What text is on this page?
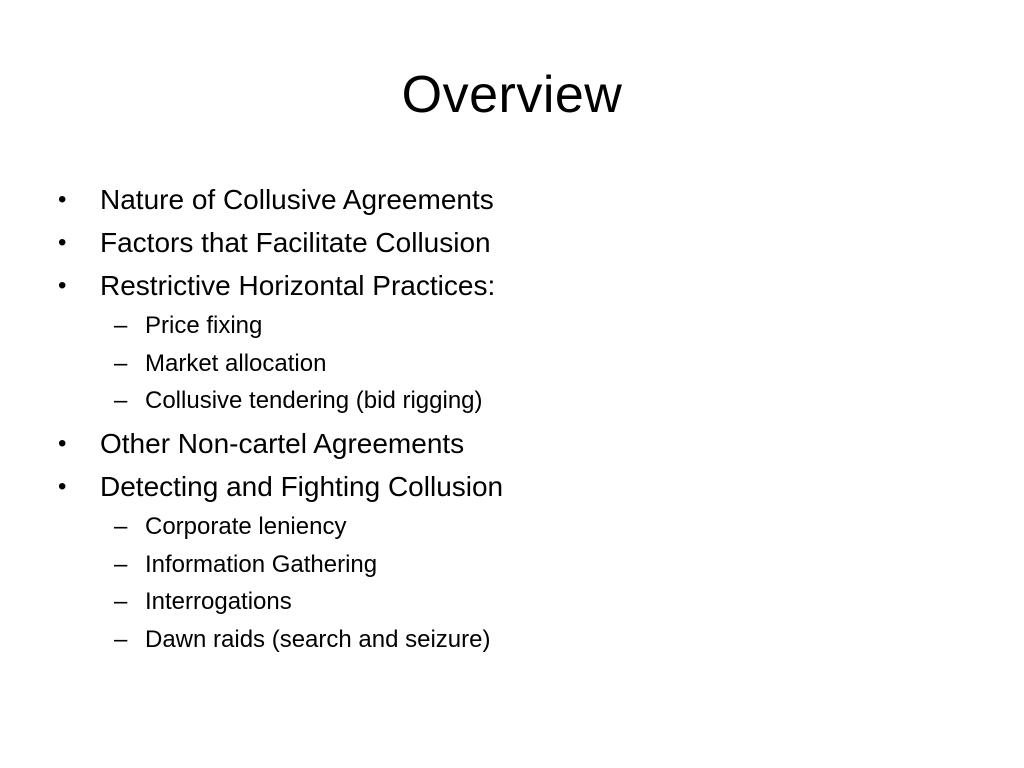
Overview
• Nature of Collusive Agreements
• Factors that Facilitate Collusion
• Restrictive Horizontal Practices:
– Price fixing
– Market allocation
– Collusive tendering (bid rigging)
• Other Non-cartel Agreements
• Detecting and Fighting Collusion
– Corporate leniency
– Information Gathering
– Interrogations
– Dawn raids (search and seizure)
